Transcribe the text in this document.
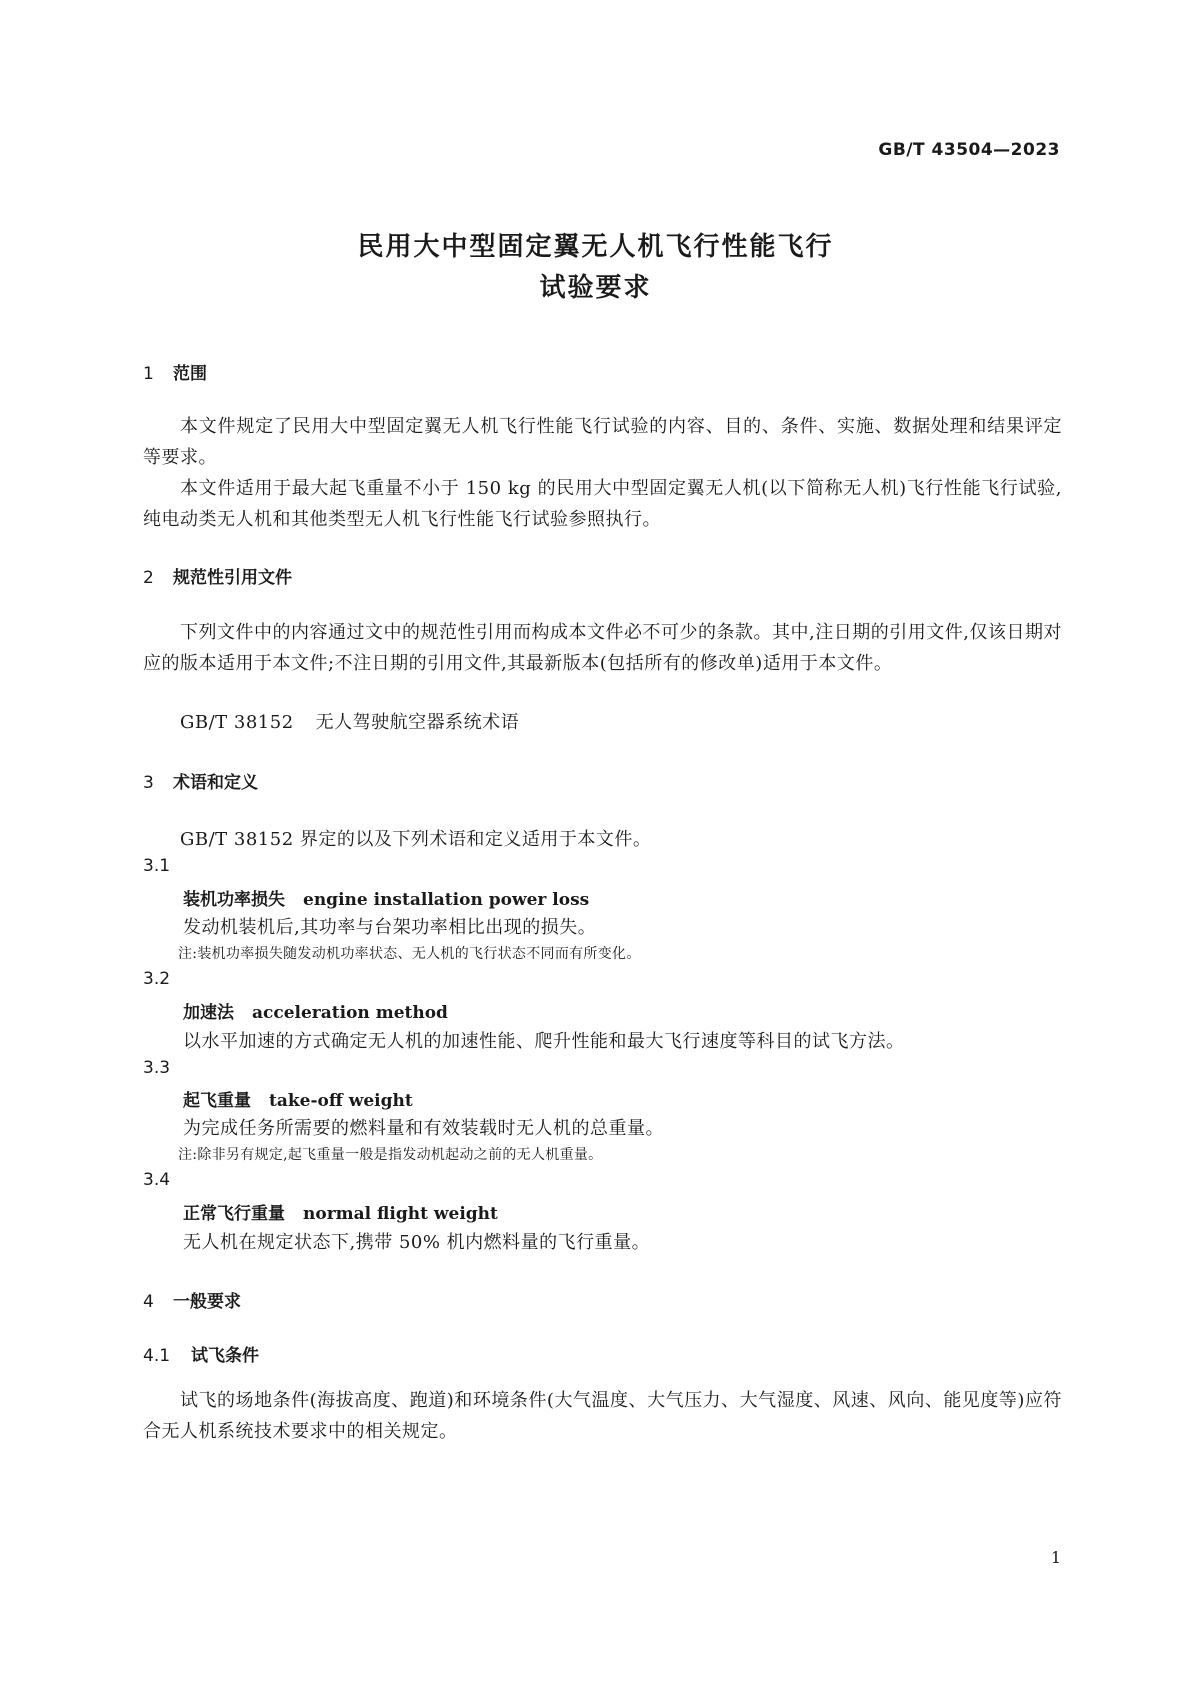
GB/T 43504—2023
民用大中型固定翼无人机飞行性能飞行
试验要求
1 范围
本文件规定了民用大中型固定翼无人机飞行性能飞行试验的内容、目的、条件、实施、数据处理和结果评定等要求。
本文件适用于最大起飞重量不小于 150 kg 的民用大中型固定翼无人机(以下简称无人机)飞行性能飞行试验,纯电动类无人机和其他类型无人机飞行性能飞行试验参照执行。
2 规范性引用文件
下列文件中的内容通过文中的规范性引用而构成本文件必不可少的条款。其中,注日期的引用文件,仅该日期对应的版本适用于本文件;不注日期的引用文件,其最新版本(包括所有的修改单)适用于本文件。
GB/T 38152 无人驾驶航空器系统术语
3 术语和定义
GB/T 38152 界定的以及下列术语和定义适用于本文件。
3.1
装机功率损失 engine installation power loss
发动机装机后,其功率与台架功率相比出现的损失。
注:装机功率损失随发动机功率状态、无人机的飞行状态不同而有所变化。
3.2
加速法 acceleration method
以水平加速的方式确定无人机的加速性能、爬升性能和最大飞行速度等科目的试飞方法。
3.3
起飞重量 take-off weight
为完成任务所需要的燃料量和有效装载时无人机的总重量。
注:除非另有规定,起飞重量一般是指发动机起动之前的无人机重量。
3.4
正常飞行重量 normal flight weight
无人机在规定状态下,携带 50% 机内燃料量的飞行重量。
4 一般要求
4.1 试飞条件
试飞的场地条件(海拔高度、跑道)和环境条件(大气温度、大气压力、大气湿度、风速、风向、能见度等)应符合无人机系统技术要求中的相关规定。
1
